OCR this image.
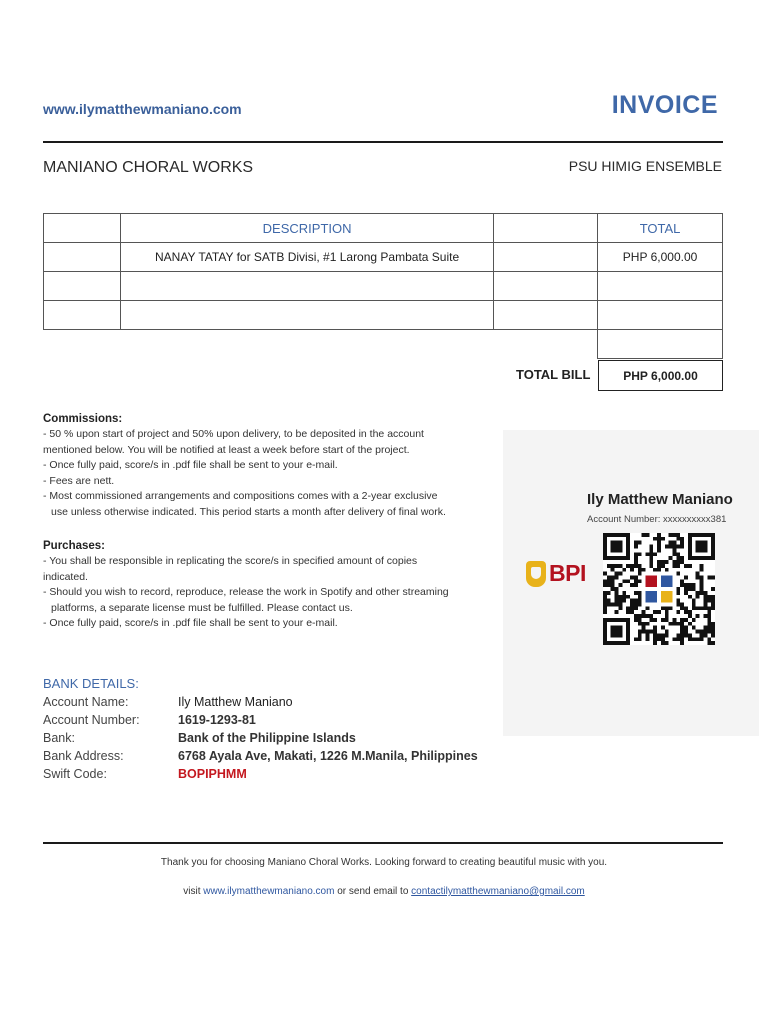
www.ilymatthewmaniano.com	INVOICE
MANIANO CHORAL WORKS	PSU HIMIG ENSEMBLE
	DESCRIPTION		TOTAL
	NANAY TATAY for SATB Divisi, #1 Larong Pambata Suite		PHP 6,000.00

TOTAL BILL	PHP 6,000.00
Commissions:
- 50 % upon start of project and 50% upon delivery, to be deposited in the account
mentioned below. You will be notified at least a week before start of the project.
- Once fully paid, score/s in .pdf file shall be sent to your e-mail.
- Fees are nett.
- Most commissioned arrangements and compositions comes with a 2-year exclusive
use unless otherwise indicated. This period starts a month after delivery of final work.
Purchases:
- You shall be responsible in replicating the score/s in specified amount of copies
indicated.
- Should you wish to record, reproduce, release the work in Spotify and other streaming
platforms, a separate license must be fulfilled. Please contact us.
- Once fully paid, score/s in .pdf file shall be sent to your e-mail.
Ily Matthew Maniano
Account Number: xxxxxxxxxx381
BPI
BANK DETAILS:
Account Name:	Ily Matthew Maniano
Account Number:	1619-1293-81
Bank:	Bank of the Philippine Islands
Bank Address:	6768 Ayala Ave, Makati, 1226 M.Manila, Philippines
Swift Code:	BOPIPHMM
Thank you for choosing Maniano Choral Works. Looking forward to creating beautiful music with you.
visit www.ilymatthewmaniano.com or send email to contactilymatthewmaniano@gmail.com
